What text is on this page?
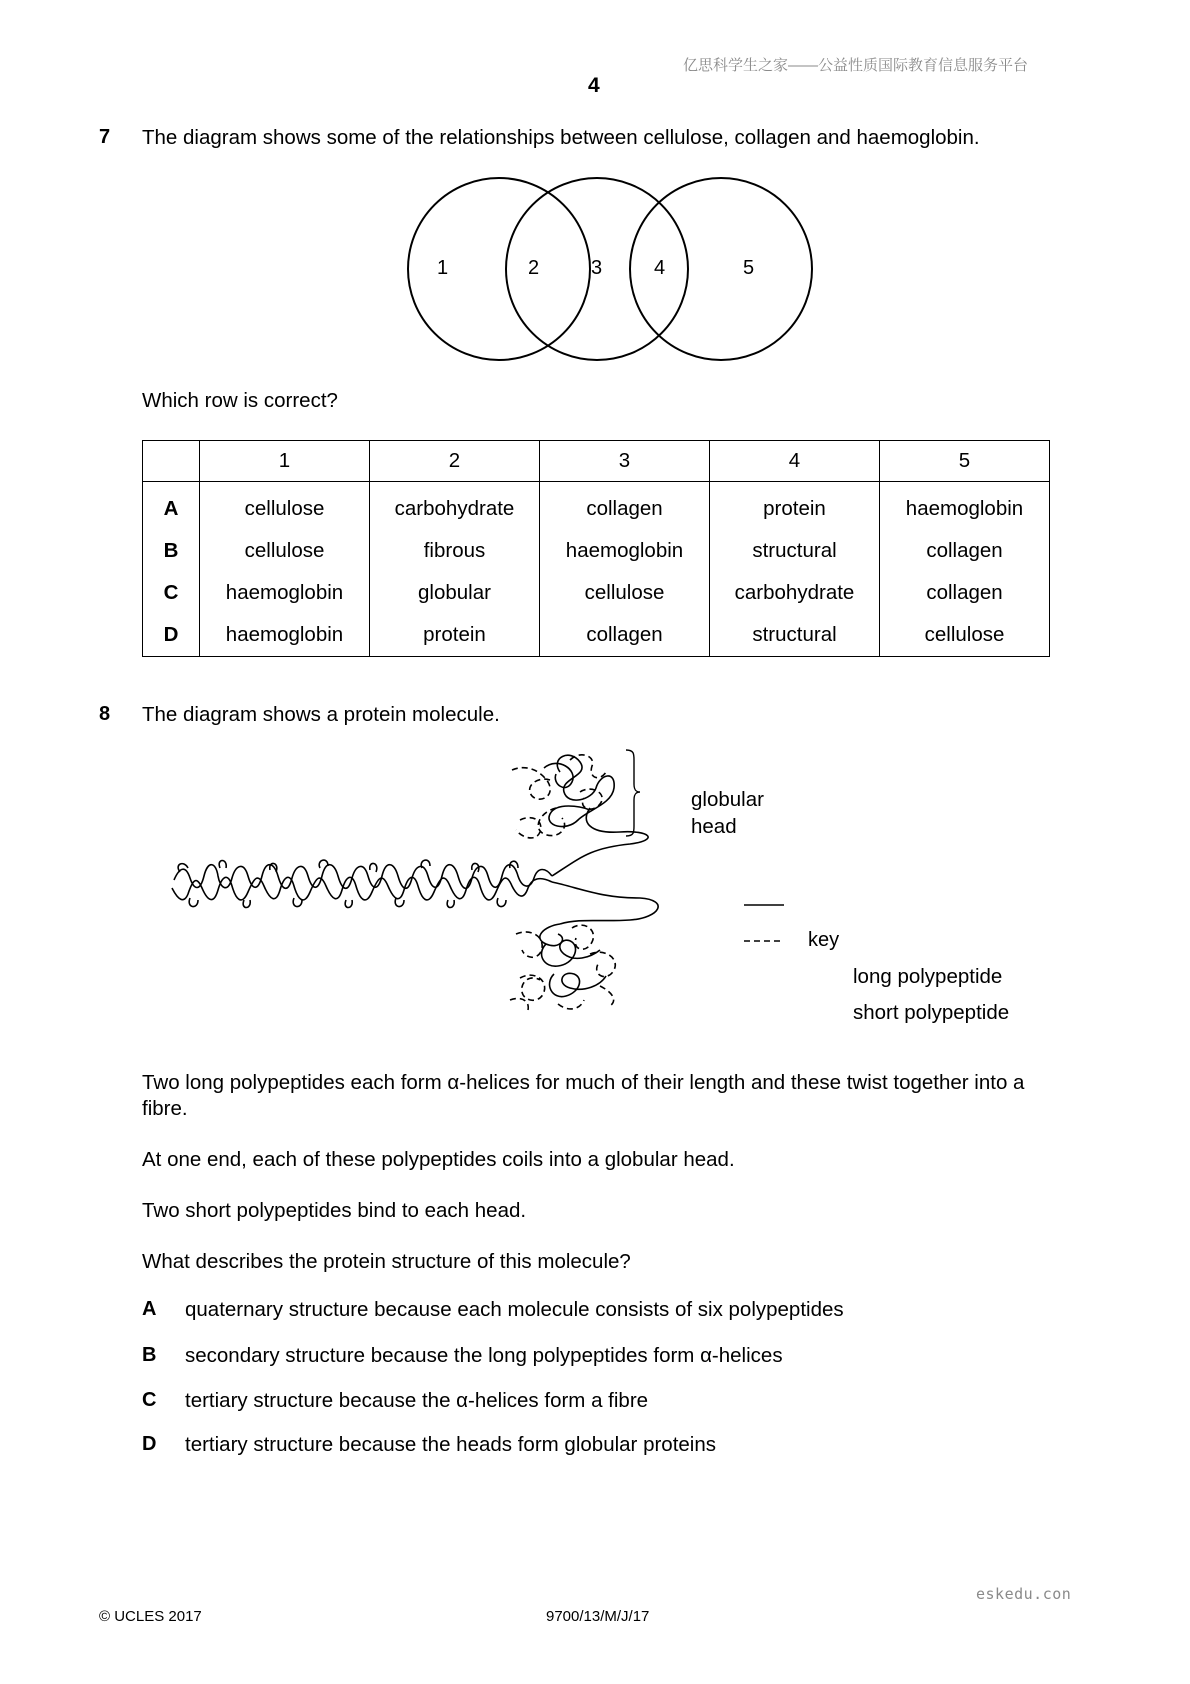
亿思科学生之家——公益性质国际教育信息服务平台
4
7 The diagram shows some of the relationships between cellulose, collagen and haemoglobin.
1	2	3	4	5
Which row is correct?
	1	2	3	4	5
A	cellulose	carbohydrate	collagen	protein	haemoglobin
B	cellulose	fibrous	haemoglobin	structural	collagen
C	haemoglobin	globular	cellulose	carbohydrate	collagen
D	haemoglobin	protein	collagen	structural	cellulose
8 The diagram shows a protein molecule.
globular
head
key
long polypeptide
short polypeptide
Two long polypeptides each form α-helices for much of their length and these twist together into a
fibre.
At one end, each of these polypeptides coils into a globular head.
Two short polypeptides bind to each head.
What describes the protein structure of this molecule?
A quaternary structure because each molecule consists of six polypeptides
B secondary structure because the long polypeptides form α-helices
C tertiary structure because the α-helices form a fibre
D tertiary structure because the heads form globular proteins
eskedu.con
© UCLES 2017	9700/13/M/J/17
